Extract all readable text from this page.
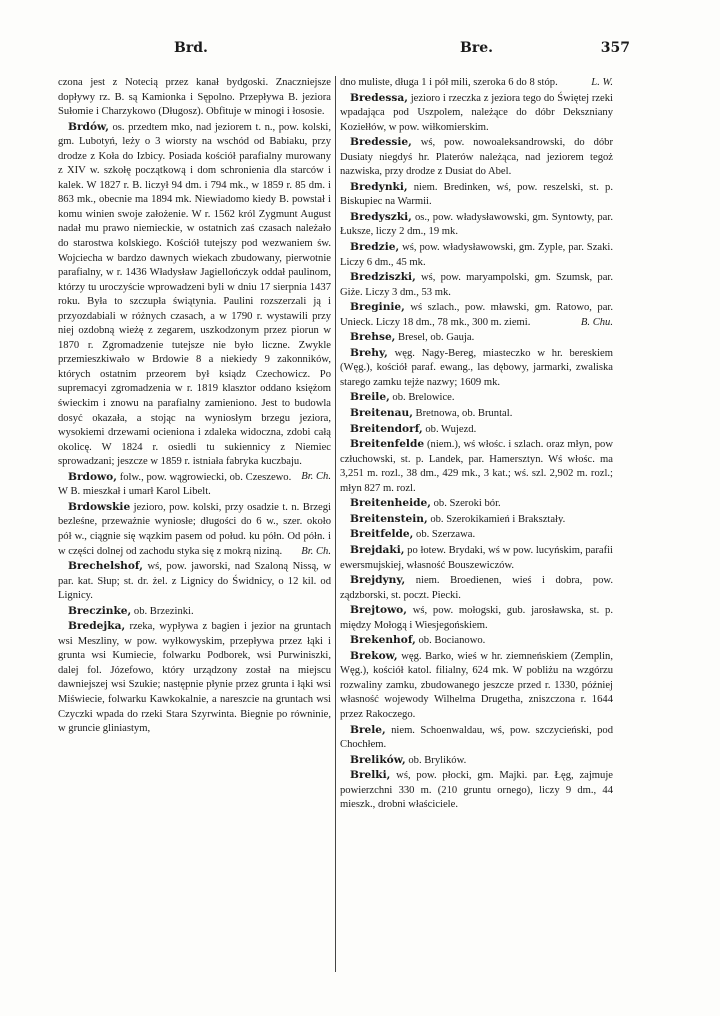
Brd.	Bre.	357

czona jest z Notecią przez kanał bydgoski. Znaczniejsze dopływy rz. B. są Kamionka i Sępolno. Przepływa B. jeziora Sułomie i Charzykowo (Długosz). Obfituje w minogi i łososie.

Brdów, os. przedtem mko, nad jeziorem t. n., pow. kolski, gm. Lubotyń, leży o 3 wiorsty na wschód od Babiaku, przy drodze z Koła do Izbicy. Posiada kościół parafialny murowany z XIV w. szkołę początkową i dom schronienia dla starców i kalek. W 1827 r. B. liczył 94 dm. i 794 mk., w 1859 r. 85 dm. i 863 mk., obecnie ma 1894 mk. Niewiadomo kiedy B. powstał i komu winien swoje założenie. W r. 1562 król Zygmunt August nadał mu prawo niemieckie, w ostatnich zaś czasach należało do starostwa kolskiego. Kościół tutejszy pod wezwaniem św. Wojciecha w bardzo dawnych wiekach zbudowany, pierwotnie parafialny, w r. 1436 Władysław Jagiellończyk oddał paulinom, którzy tu uroczyście wprowadzeni byli w dniu 17 sierpnia 1437 roku. Była to szczupła świątynia. Paulini rozszerzali ją i przyozdabiali w różnych czasach, a w 1790 r. wystawili przy niej ozdobną wieżę z zegarem, uszkodzonym przez piorun w 1870 r. Zgromadzenie tutejsze nie było liczne. Zwykle przemieszkiwało w Brdowie 8 a niekiedy 9 zakonników, których ostatnim przeorem był ksiądz Czechowicz. Po supremacyi zgromadzenia w r. 1819 klasztor oddano księżom świeckim i znowu na parafialny zamieniono. Jest to budowla dosyć okazała, a stojąc na wyniosłym brzegu jeziora, wysokiemi drzewami ocieniona i zdaleka widoczna, zdobi całą okolicę. W 1824 r. osiedli tu sukiennicy z Niemiec sprowadzani; jeszcze w 1859 r. istniała fabryka kuczbaju.
Br. Ch.

Brdowo, folw., pow. wągrowiecki, ob. Czeszewo. W B. mieszkał i umarł Karol Libelt.

Brdowskie jezioro, pow. kolski, przy osadzie t. n. Brzegi bezleśne, przeważnie wyniosłe; długości do 6 w., szer. około pół w., ciągnie się wązkim pasem od połud. ku półn. Od półn. i w części dolnej od zachodu styka się z mokrą niziną.	Br. Ch.

Brechelshof, wś, pow. jaworski, nad Szaloną Nissą, w par. kat. Słup; st. dr. żel. z Lignicy do Świdnicy, o 12 kil. od Lignicy.

Breczinke, ob. Brzezinki.

Bredejka, rzeka, wypływa z bagien i jezior na gruntach wsi Meszliny, w pow. wyłkowyskim, przepływa przez łąki i grunta wsi Kumiecie, folwarku Podborek, wsi Purwiniszki, dalej fol. Józefowo, który urządzony został na miejscu dawniejszej wsi Szukie; następnie płynie przez grunta i łąki wsi Miświecie, folwarku Kawkokalnie, a nareszcie na gruntach wsi Czyczki wpada do rzeki Stara Szyrwinta. Biegnie po równinie, w gruncie gliniastym,

dno muliste, długa 1 i pół mili, szeroka 6 do 8 stóp.	L. W.

Bredessa, jezioro i rzeczka z jeziora tego do Świętej rzeki wpadająca pod Uszpolem, należące do dóbr Dekszniany Koziełłów, w pow. wiłkomierskim.

Bredessie, wś, pow. nowoaleksandrowski, do dóbr Dusiaty niegdyś hr. Platerów należąca, nad jeziorem tegoż nazwiska, przy drodze z Dusiat do Abel.

Bredynki, niem. Bredinken, wś, pow. reszelski, st. p. Biskupiec na Warmii.

Bredyszki, os., pow. władysławowski, gm. Syntowty, par. Łuksze, liczy 2 dm., 19 mk.

Bredzie, wś, pow. władysławowski, gm. Zyple, par. Szaki. Liczy 6 dm., 45 mk.

Bredziszki, wś, pow. maryampolski, gm. Szumsk, par. Giże. Liczy 3 dm., 53 mk.

Breginie, wś szlach., pow. mławski, gm. Ratowo, par. Unieck. Liczy 18 dm., 78 mk., 300 m. ziemi.	B. Chu.

Brehse, Bresel, ob. Gauja.

Brehy, węg. Nagy-Bereg, miasteczko w hr. bereskiem (Węg.), kościół paraf. ewang., las dębowy, jarmarki, zwaliska starego zamku tejże nazwy; 1609 mk.

Breile, ob. Brelowice.

Breitenau, Bretnowa, ob. Bruntal.

Breitendorf, ob. Wujezd.

Breitenfelde (niem.), wś włośc. i szlach. oraz młyn, pow człuchowski, st. p. Landek, par. Hamersztyn. Wś włośc. ma 3,251 m. rozl., 38 dm., 429 mk., 3 kat.; wś. szl. 2,902 m. rozl.; młyn 827 m. rozl.

Breitenheide, ob. Szeroki bór.

Breitenstein, ob. Szerokikamień i Brakształy.

Breitfelde, ob. Szerzawa.

Brejdaki, po łotew. Brydaki, wś w pow. lucyńskim, parafii ewersmujskiej, własność Bouszewiczów.

Brejdyny, niem. Broedienen, wieś i dobra, pow. ządzborski, st. poczt. Piecki.

Brejtowo, wś, pow. mołogski, gub. jarosławska, st. p. między Mołogą i Wiesjegońskiem.

Brekenhof, ob. Bocianowo.

Brekow, węg. Barko, wieś w hr. ziemneńskiem (Zemplin, Węg.), kościół katol. filialny, 624 mk. W pobliżu na wzgórzu rozwaliny zamku, zbudowanego jeszcze przed r. 1330, później własność wojewody Wilhelma Drugetha, zniszczona r. 1644 przez Rakoczego.

Brele, niem. Schoenwaldau, wś, pow. szczycieński, pod Chochłem.

Brelików, ob. Brylików.

Brelki, wś, pow. płocki, gm. Majki. par. Łęg, zajmuje powierzchni 330 m. (210 gruntu ornego), liczy 9 dm., 44 mieszk., drobni właściciele.
